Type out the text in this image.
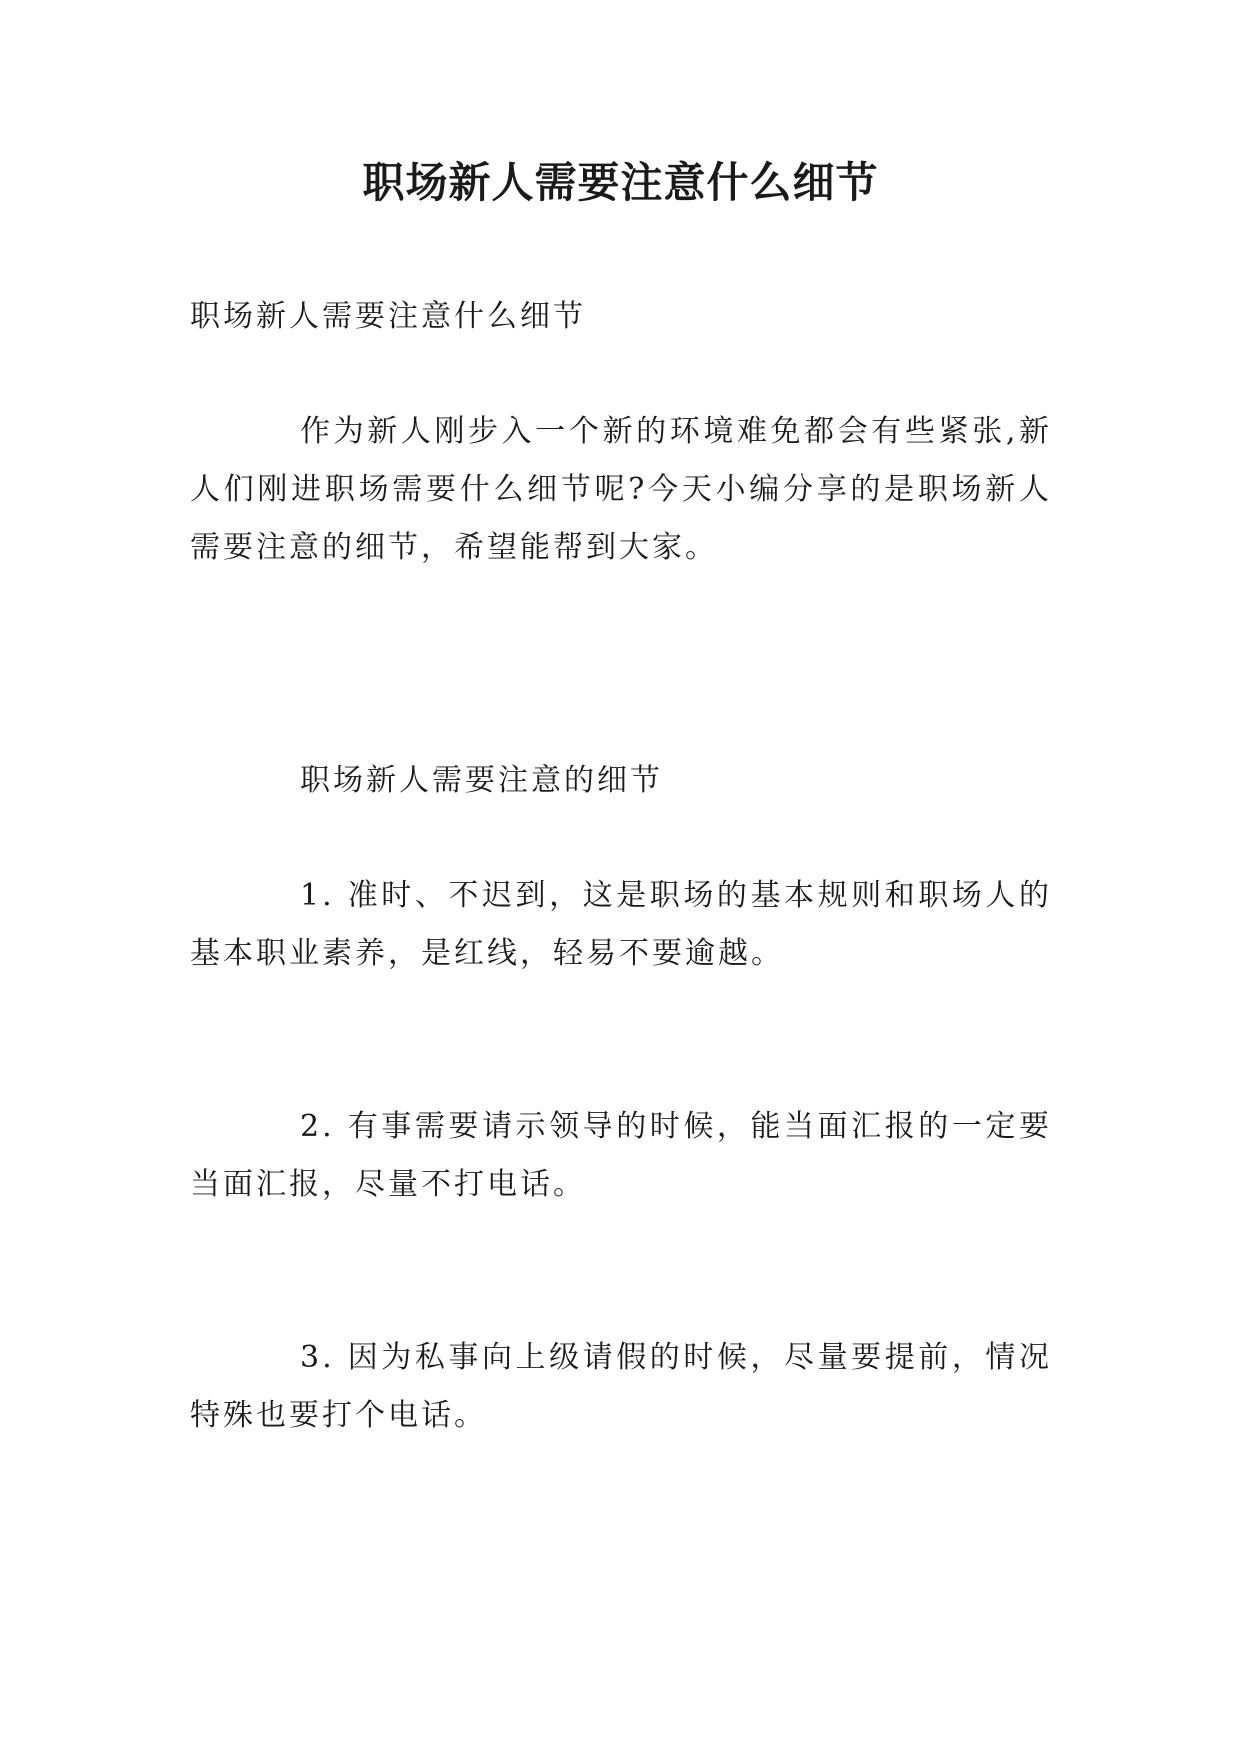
职场新人需要注意什么细节

职场新人需要注意什么细节

作为新人刚步入一个新的环境难免都会有些紧张,新人们刚进职场需要什么细节呢?今天小编分享的是职场新人需要注意的细节，希望能帮到大家。

职场新人需要注意的细节

1. 准时、不迟到，这是职场的基本规则和职场人的基本职业素养，是红线，轻易不要逾越。

2. 有事需要请示领导的时候，能当面汇报的一定要当面汇报，尽量不打电话。

3. 因为私事向上级请假的时候，尽量要提前，情况特殊也要打个电话。
